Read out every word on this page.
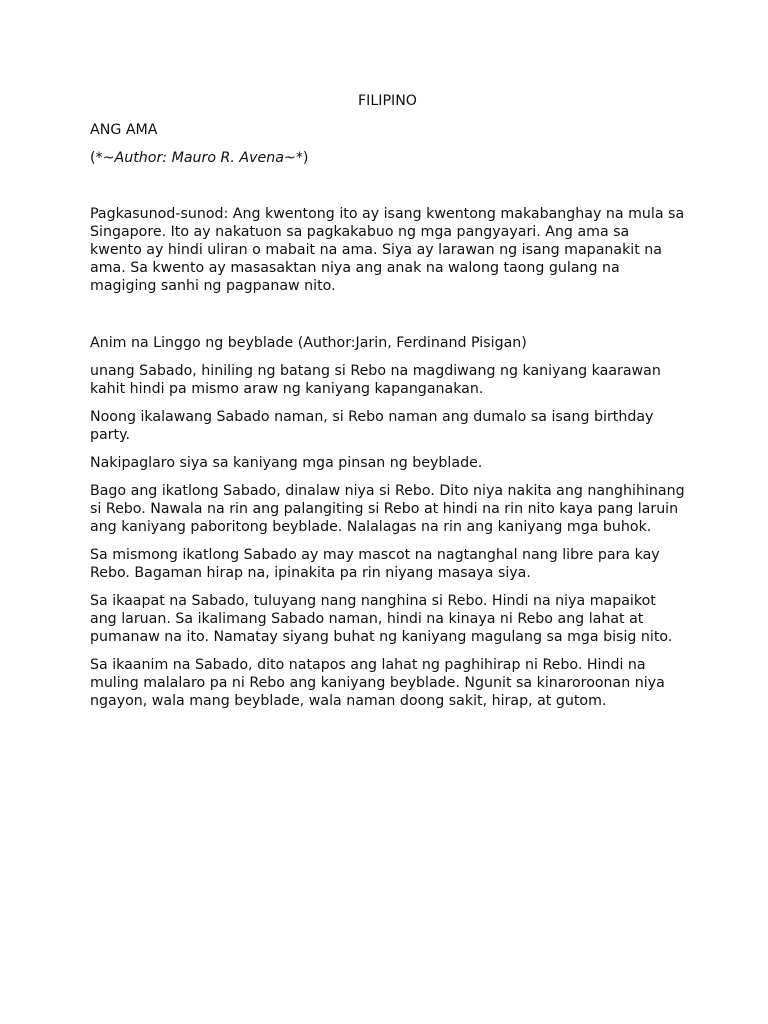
FILIPINO

ANG AMA

(*~Author: Mauro R. Avena~*)

Pagkasunod-sunod: Ang kwentong ito ay isang kwentong makabanghay na mula sa Singapore. Ito ay nakatuon sa pagkakabuo ng mga pangyayari. Ang ama sa kwento ay hindi uliran o mabait na ama. Siya ay larawan ng isang mapanakit na ama. Sa kwento ay masasaktan niya ang anak na walong taong gulang na magiging sanhi ng pagpanaw nito.

Anim na Linggo ng beyblade (Author:Jarin, Ferdinand Pisigan)

unang Sabado, hiniling ng batang si Rebo na magdiwang ng kaniyang kaarawan kahit hindi pa mismo araw ng kaniyang kapanganakan.

Noong ikalawang Sabado naman, si Rebo naman ang dumalo sa isang birthday party.

Nakipaglaro siya sa kaniyang mga pinsan ng beyblade.

Bago ang ikatlong Sabado, dinalaw niya si Rebo. Dito niya nakita ang nanghihinang si Rebo. Nawala na rin ang palangiting si Rebo at hindi na rin nito kaya pang laruin ang kaniyang paboritong beyblade. Nalalagas na rin ang kaniyang mga buhok.

Sa mismong ikatlong Sabado ay may mascot na nagtanghal nang libre para kay Rebo. Bagaman hirap na, ipinakita pa rin niyang masaya siya.

Sa ikaapat na Sabado, tuluyang nang nanghina si Rebo. Hindi na niya mapaikot ang laruan. Sa ikalimang Sabado naman, hindi na kinaya ni Rebo ang lahat at pumanaw na ito. Namatay siyang buhat ng kaniyang magulang sa mga bisig nito.

Sa ikaanim na Sabado, dito natapos ang lahat ng paghihirap ni Rebo. Hindi na muling malalaro pa ni Rebo ang kaniyang beyblade. Ngunit sa kinaroroonan niya ngayon, wala mang beyblade, wala naman doong sakit, hirap, at gutom.
